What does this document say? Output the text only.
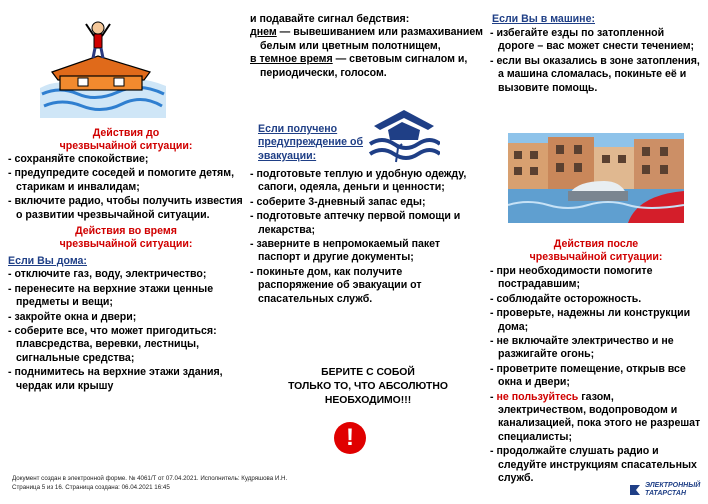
Действия до
чрезвычайной ситуации:
- сохраняйте спокойствие;
- предупредите соседей и помогите детям, старикам и инвалидам;
- включите радио, чтобы получить известия о развитии чрезвычайной ситуации.
Действия во время
чрезвычайной ситуации:
Если Вы дома:
- отключите газ, воду, электричество;
- перенесите на верхние этажи ценные предметы и вещи;
- закройте окна и двери;
- соберите все, что может пригодиться: плавсредства, веревки, лестницы, сигнальные средства;
- поднимитесь на верхние этажи здания, чердак или крышу
и подавайте сигнал бедствия:
днем — вывешиванием или размахиванием белым или цветным полотнищем,
в темное время — световым сигналом и, периодически, голосом.
Если получено предупреждение об эвакуации:
- подготовьте теплую и удобную одежду, сапоги, одеяла, деньги и ценности;
- соберите 3-дневный запас еды;
- подготовьте аптечку первой помощи и лекарства;
- заверните в непромокаемый пакет паспорт и другие документы;
- покиньте дом, как получите распоряжение об эвакуации от спасательных служб.
БЕРИТЕ С СОБОЙ
ТОЛЬКО ТО, ЧТО АБСОЛЮТНО
НЕОБХОДИМО!!!
!
Если Вы в машине:
- избегайте езды по затопленной дороге – вас может снести течением;
- если вы оказались в зоне затопления, а машина сломалась, покиньте её и вызовите помощь.
Действия после
чрезвычайной ситуации:
- при необходимости помогите пострадавшим;
- соблюдайте осторожность.
- проверьте, надежны ли конструкции дома;
- не включайте электричество и не разжигайте огонь;
- проветрите помещение, открыв все окна и двери;
- не пользуйтесь газом, электричеством, водопроводом и канализацией, пока этого не разрешат специалисты;
- продолжайте слушать радио и следуйте инструкциям спасательных служб.
Документ создан в электронной форме. № 4061/Т от 07.04.2021. Исполнитель: Кудряшова И.Н.
Страница 5 из 16. Страница создана: 06.04.2021 16:45	ЭЛЕКТРОННЫЙ
ТАТАРСТАН
